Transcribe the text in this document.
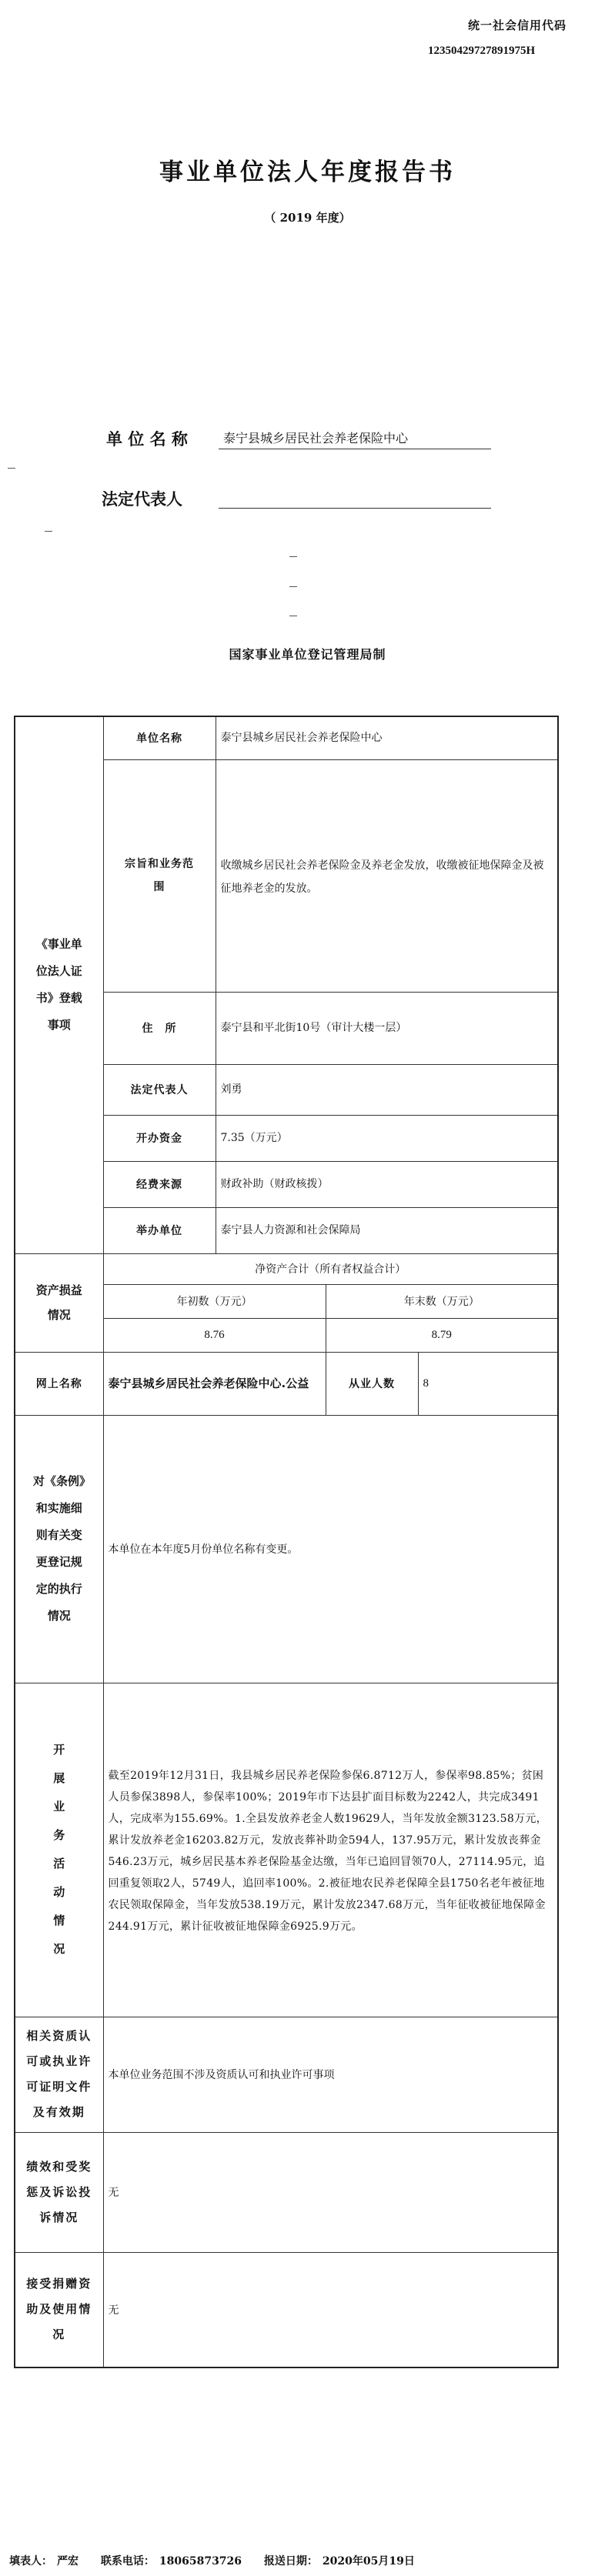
统一社会信用代码
12350429727891975H
事业单位法人年度报告书
（ 2019 年度）
单 位 名 称	泰宁县城乡居民社会养老保险中心
法定代表人
国家事业单位登记管理局制
《事业单位法人证书》登载事项	单位名称	泰宁县城乡居民社会养老保险中心		
	宗旨和业务范围	收缴城乡居民社会养老保险金及养老金发放，收缴被征地保障金及被征地养老金的发放。		
	住　所	泰宁县和平北街10号（审计大楼一层）		
	法定代表人	刘勇		
	开办资金	7.35（万元）		
	经费来源	财政补助（财政核拨）		
	举办单位	泰宁县人力资源和社会保障局		
资产损益情况	净资产合计（所有者权益合计）			
	年初数（万元）		年末数（万元）	
	8.76		8.79	
网上名称	泰宁县城乡居民社会养老保险中心.公益		从业人数	8
对《条例》和实施细则有关变更登记规定的执行情况	本单位在本年度5月份单位名称有变更。			
开展业务活动情况	截至2019年12月31日，我县城乡居民养老保险参保6.8712万人，参保率98.85%；贫困人员参保3898人，参保率100%；2019年市下达县扩面目标数为2242人，共完成3491人，完成率为155.69%。1.全县发放养老金人数19629人，当年发放金额3123.58万元，累计发放养老金16203.82万元，发放丧葬补助金594人，137.95万元，累计发放丧葬金546.23万元，城乡居民基本养老保险基金达缴，当年已追回冒领70人，27114.95元，追回重复领取2人，5749人，追回率100%。2.被征地农民养老保障全县1750名老年被征地农民领取保障金，当年发放538.19万元，累计发放2347.68万元，当年征收被征地保障金244.91万元，累计征收被征地保障金6925.9万元。			
相关资质认可或执业许可证明文件及有效期	本单位业务范围不涉及资质认可和执业许可事项			
绩效和受奖惩及诉讼投诉情况	无			
接受捐赠资助及使用情况	无			
填表人： 严宏 联系电话： 18065873726 报送日期： 2020年05月19日
